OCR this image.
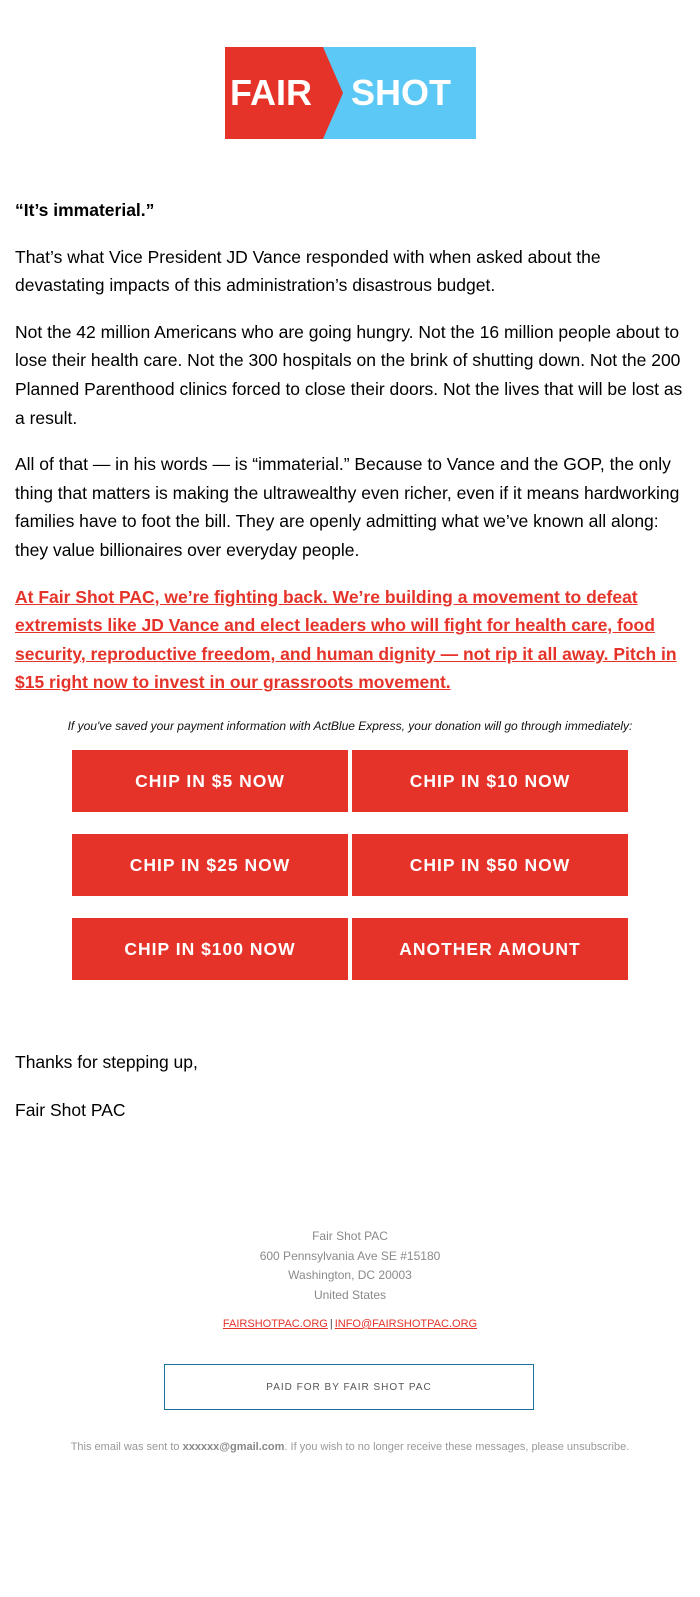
FAIR SHOT

“It’s immaterial.”

That’s what Vice President JD Vance responded with when asked about the devastating impacts of this administration’s disastrous budget.

Not the 42 million Americans who are going hungry. Not the 16 million people about to lose their health care. Not the 300 hospitals on the brink of shutting down. Not the 200 Planned Parenthood clinics forced to close their doors. Not the lives that will be lost as a result.

All of that — in his words — is “immaterial.” Because to Vance and the GOP, the only thing that matters is making the ultrawealthy even richer, even if it means hardworking families have to foot the bill. They are openly admitting what we’ve known all along: they value billionaires over everyday people.

At Fair Shot PAC, we’re fighting back. We’re building a movement to defeat extremists like JD Vance and elect leaders who will fight for health care, food security, reproductive freedom, and human dignity — not rip it all away. Pitch in $15 right now to invest in our grassroots movement.

If you've saved your payment information with ActBlue Express, your donation will go through immediately:
CHIP IN $5 NOW	CHIP IN $10 NOW
CHIP IN $25 NOW	CHIP IN $50 NOW
CHIP IN $100 NOW	ANOTHER AMOUNT
Thanks for stepping up,
Fair Shot PAC
Fair Shot PAC
600 Pennsylvania Ave SE #15180
Washington, DC 20003
United States
FAIRSHOTPAC.ORG | INFO@FAIRSHOTPAC.ORG
PAID FOR BY FAIR SHOT PAC
This email was sent to xxxxxx@gmail.com. If you wish to no longer receive these messages, please unsubscribe.
